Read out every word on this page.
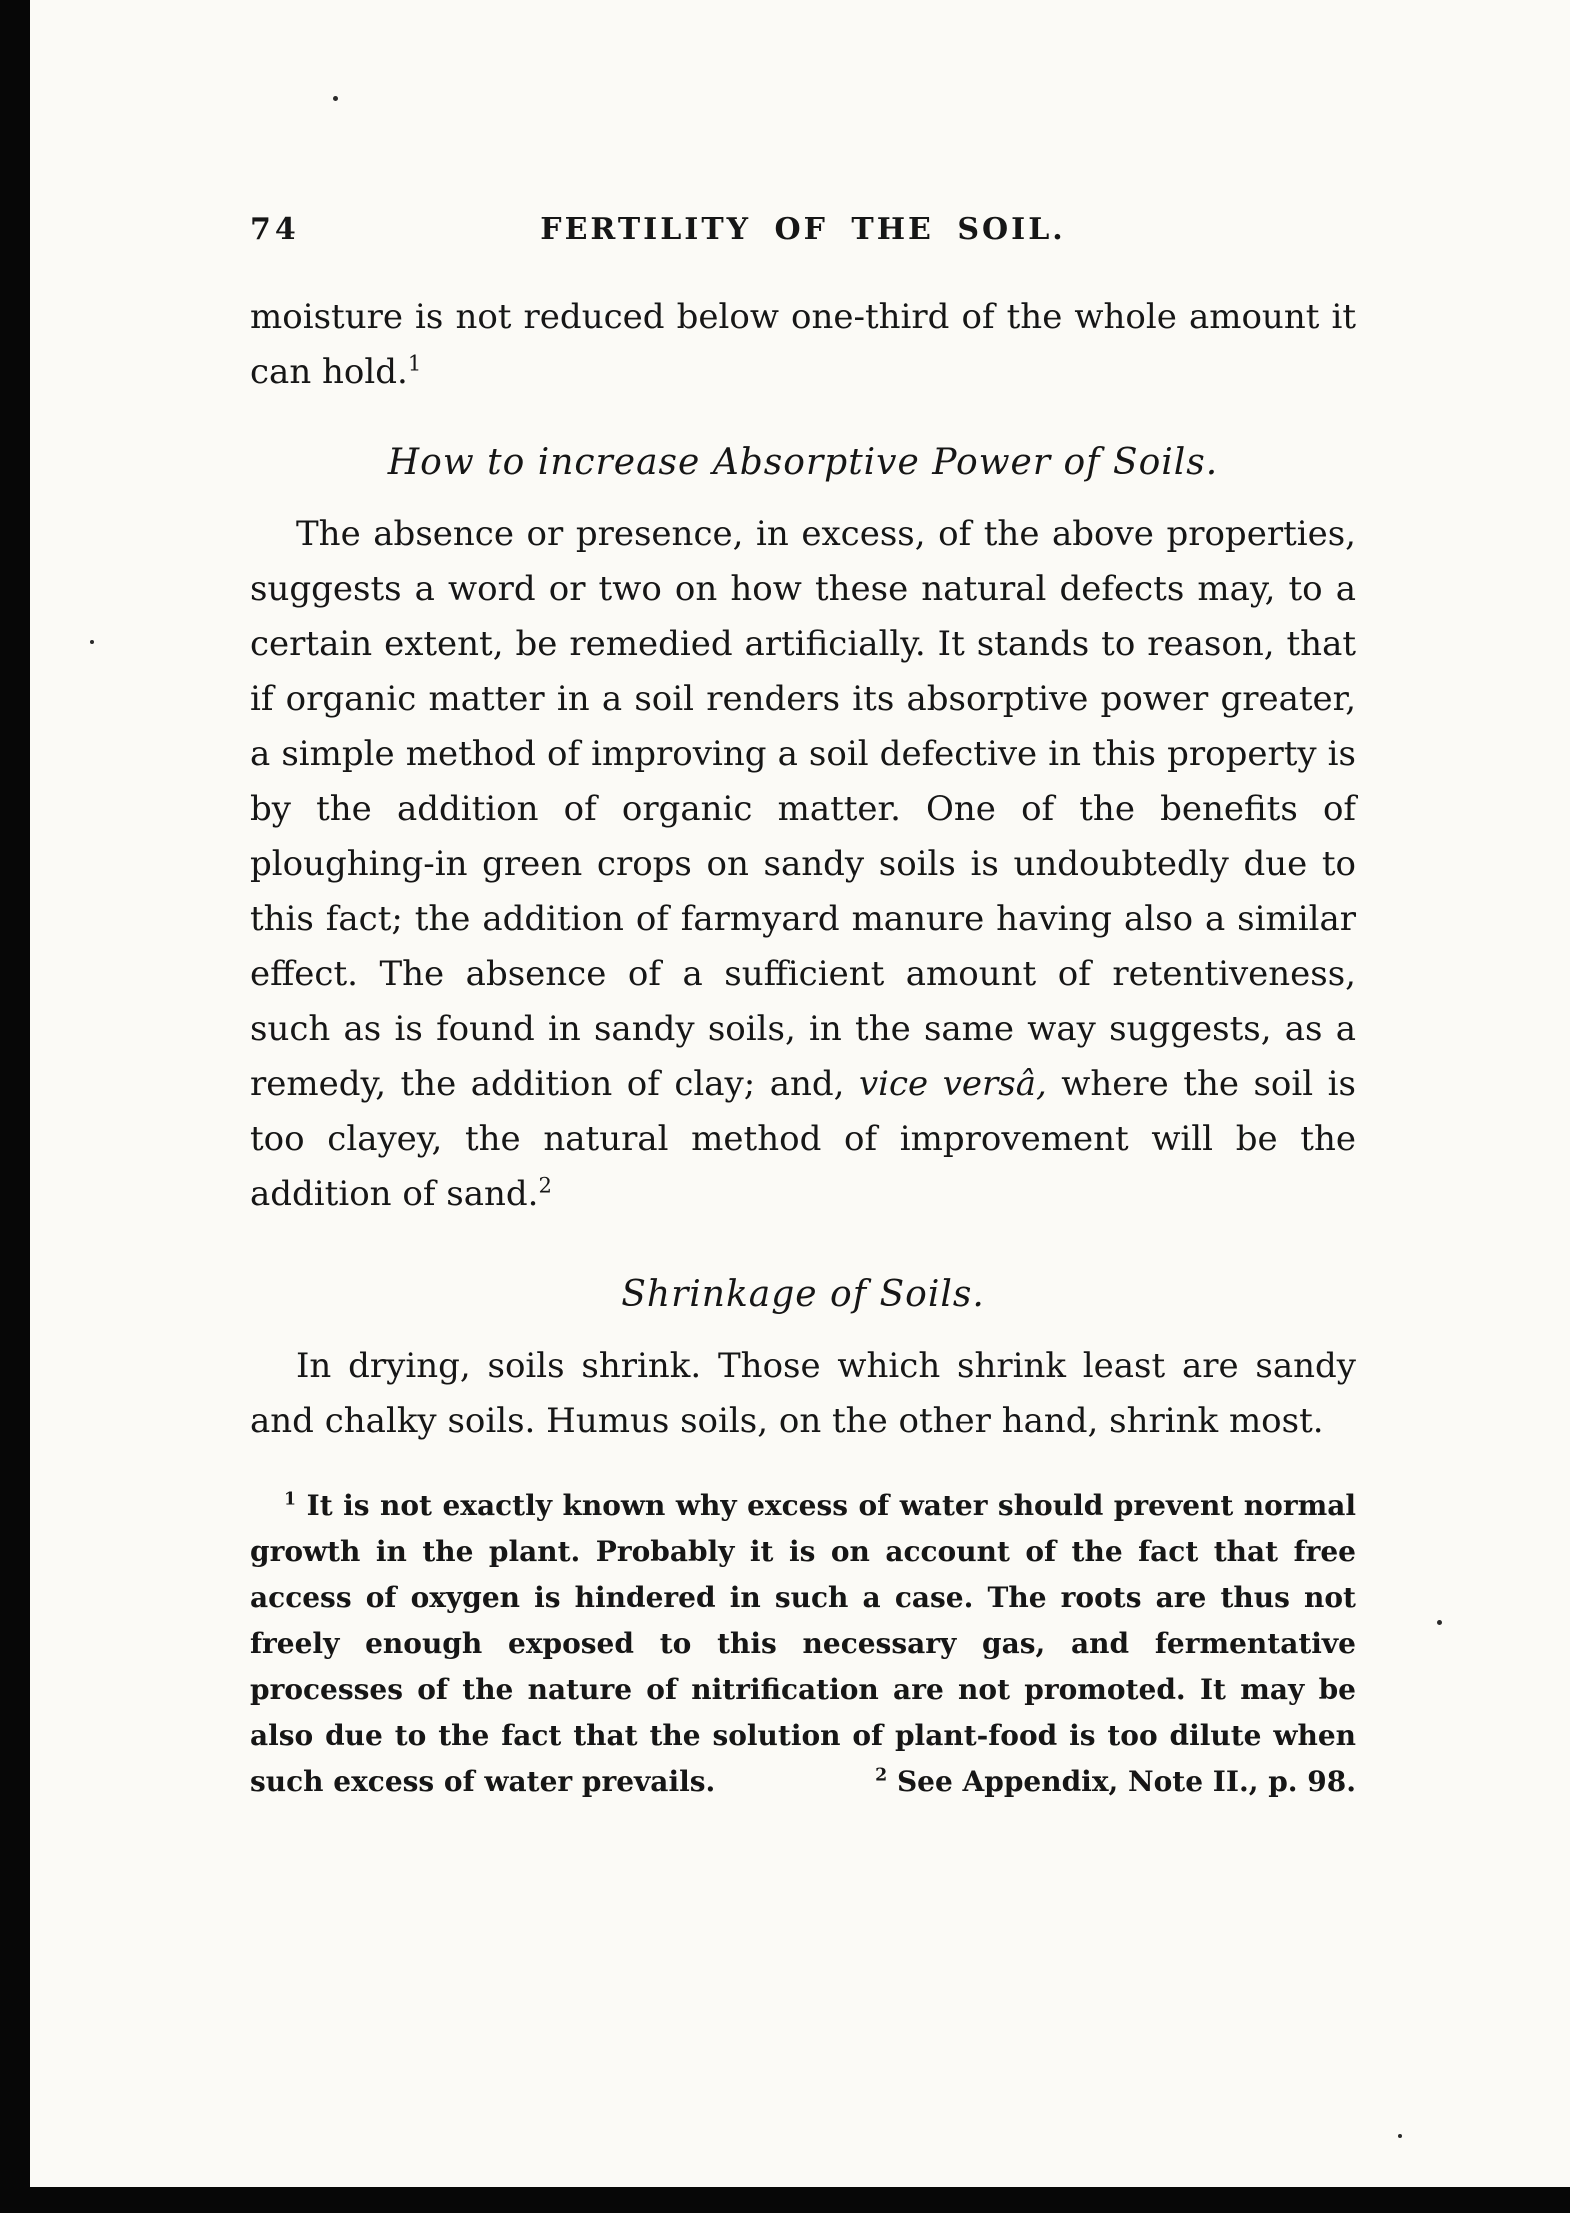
74	FERTILITY OF THE SOIL.

moisture is not reduced below one-third of the whole amount it can hold.$^1$

How to increase Absorptive Power of Soils.

The absence or presence, in excess, of the above properties, suggests a word or two on how these natural defects may, to a certain extent, be remedied artificially. It stands to reason, that if organic matter in a soil renders its absorptive power greater, a simple method of improving a soil defective in this property is by the addition of organic matter. One of the benefits of ploughing-in green crops on sandy soils is undoubtedly due to this fact; the addition of farmyard manure having also a similar effect. The absence of a sufficient amount of retentiveness, such as is found in sandy soils, in the same way suggests, as a remedy, the addition of clay; and, vice versâ, where the soil is too clayey, the natural method of improvement will be the addition of sand.$^2$

Shrinkage of Soils.

In drying, soils shrink. Those which shrink least are sandy and chalky soils. Humus soils, on the other hand, shrink most.

$^1$ It is not exactly known why excess of water should prevent normal growth in the plant. Probably it is on account of the fact that free access of oxygen is hindered in such a case. The roots are thus not freely enough exposed to this necessary gas, and fermentative processes of the nature of nitrification are not promoted. It may be also due to the fact that the solution of plant-food is too dilute when such excess of water prevails.	$^2$ See Appendix, Note II., p. 98.
